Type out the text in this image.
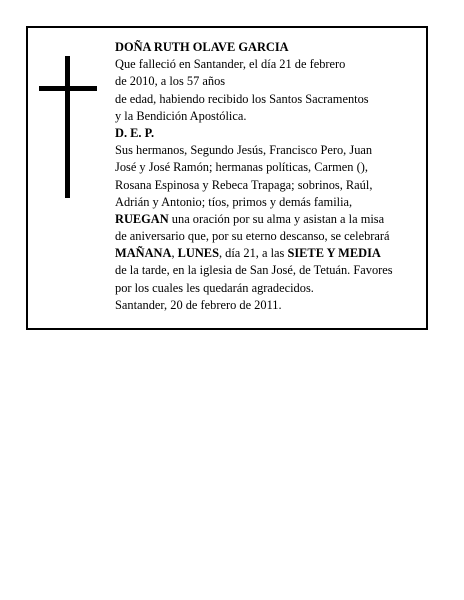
DOÑA RUTH OLAVE GARCIA
Que falleció en Santander, el día 21 de febrero
de 2010, a los 57 años
de edad, habiendo recibido los Santos Sacramentos
y la Bendición Apostólica.
D. E. P.
Sus hermanos, Segundo Jesús, Francisco Pero, Juan
José y José Ramón; hermanas políticas, Carmen (),
Rosana Espinosa y Rebeca Trapaga; sobrinos, Raúl,
Adrián y Antonio; tíos, primos y demás familia,
RUEGAN una oración por su alma y asistan a la misa
de aniversario que, por su eterno descanso, se celebrará
MAÑANA, LUNES, día 21, a las SIETE Y MEDIA
de la tarde, en la iglesia de San José, de Tetuán. Favores
por los cuales les quedarán agradecidos.
Santander, 20 de febrero de 2011.
